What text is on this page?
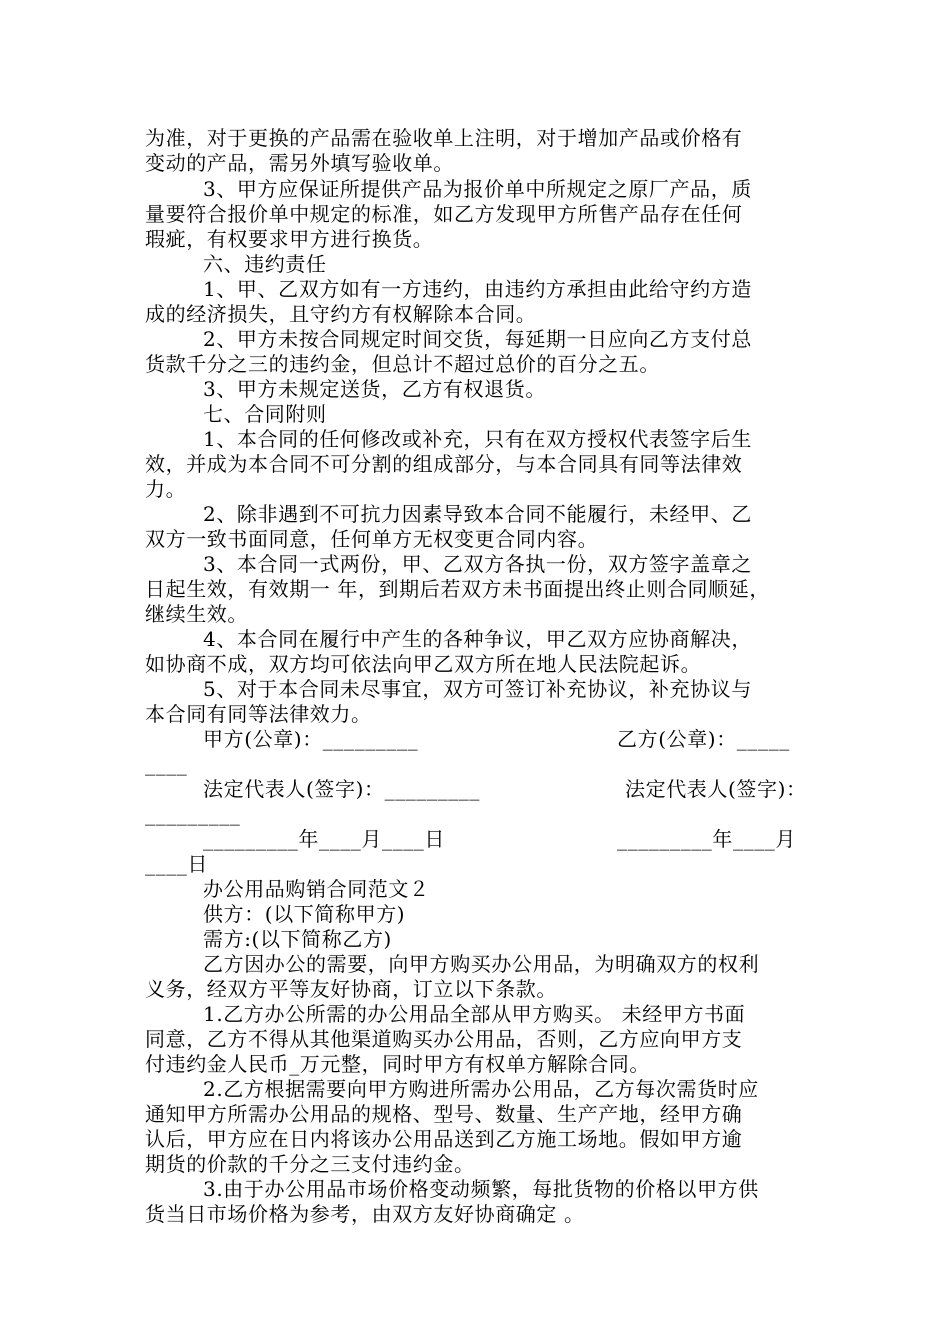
为准，对于更换的产品需在验收单上注明，对于增加产品或价格有
变动的产品，需另外填写验收单。
3、甲方应保证所提供产品为报价单中所规定之原厂产品，质
量要符合报价单中规定的标准，如乙方发现甲方所售产品存在任何
瑕疵，有权要求甲方进行换货。
六、违约责任
1、甲、乙双方如有一方违约，由违约方承担由此给守约方造
成的经济损失，且守约方有权解除本合同。
2、甲方未按合同规定时间交货，每延期一日应向乙方支付总
货款千分之三的违约金，但总计不超过总价的百分之五。
3、甲方未规定送货，乙方有权退货。
七、合同附则
1、本合同的任何修改或补充，只有在双方授权代表签字后生
效，并成为本合同不可分割的组成部分，与本合同具有同等法律效
力。
2、除非遇到不可抗力因素导致本合同不能履行，未经甲、乙
双方一致书面同意，任何单方无权变更合同内容。
3、本合同一式两份，甲、乙双方各执一份，双方签字盖章之
日起生效，有效期一 年，到期后若双方未书面提出终止则合同顺延，
继续生效。
4、本合同在履行中产生的各种争议，甲乙双方应协商解决，
如协商不成，双方均可依法向甲乙双方所在地人民法院起诉。
5、对于本合同未尽事宜，双方可签订补充协议，补充协议与
本合同有同等法律效力。
甲方(公章)：_________	乙方(公章)：_____
____
法定代表人(签字)：_________	法定代表人(签字)：
_________
_________年____月____日	_________年____月
____日
办公用品购销合同范文２
供方：(以下简称甲方)
需方:(以下简称乙方)
乙方因办公的需要，向甲方购买办公用品，为明确双方的权利
义务，经双方平等友好协商，订立以下条款。
1.乙方办公所需的办公用品全部从甲方购买。 未经甲方书面
同意，乙方不得从其他渠道购买办公用品，否则，乙方应向甲方支
付违约金人民币_万元整，同时甲方有权单方解除合同。
2.乙方根据需要向甲方购进所需办公用品，乙方每次需货时应
通知甲方所需办公用品的规格、型号、数量、生产产地，经甲方确
认后，甲方应在日内将该办公用品送到乙方施工场地。假如甲方逾
期货的价款的千分之三支付违约金。
3.由于办公用品市场价格变动频繁，每批货物的价格以甲方供
货当日市场价格为参考，由双方友好协商确定 。
